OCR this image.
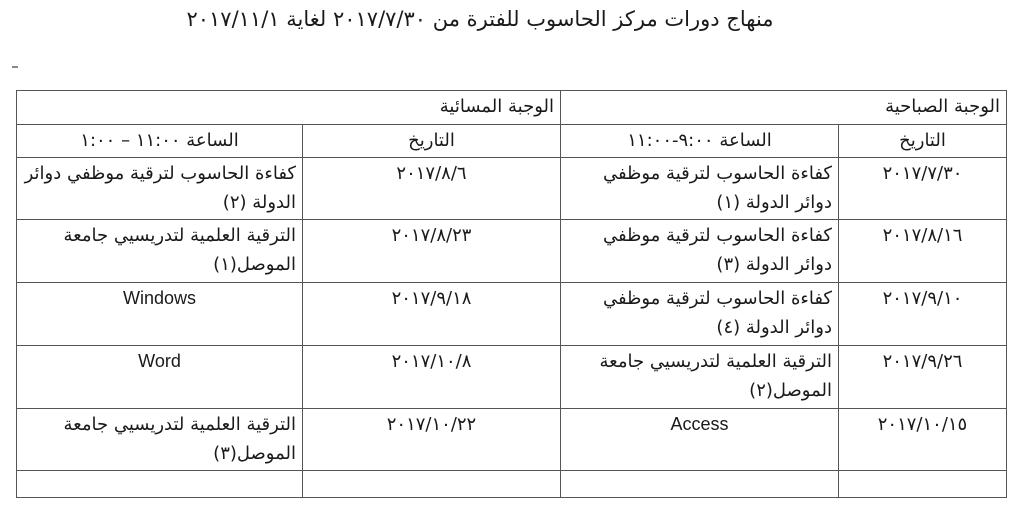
منهاج دورات مركز الحاسوب للفترة من ٢٠١٧/٧/٣٠ لغاية ٢٠١٧/١١/١
الوجبة الصباحية		الوجبة المسائية	
التاريخ	الساعة ٩:٠٠-١١:٠٠	التاريخ	الساعة ١١:٠٠ – ١:٠٠
٢٠١٧/٧/٣٠	كفاءة الحاسوب لترقية موظفي دوائر الدولة (١)	٢٠١٧/٨/٦	كفاءة الحاسوب لترقية موظفي دوائر الدولة (٢)
٢٠١٧/٨/١٦	كفاءة الحاسوب لترقية موظفي دوائر الدولة (٣)	٢٠١٧/٨/٢٣	الترقية العلمية لتدريسيي جامعة الموصل(١)
٢٠١٧/٩/١٠	كفاءة الحاسوب لترقية موظفي دوائر الدولة (٤)	٢٠١٧/٩/١٨	Windows
٢٠١٧/٩/٢٦	الترقية العلمية لتدريسيي جامعة الموصل(٢)	٢٠١٧/١٠/٨	Word
٢٠١٧/١٠/١٥	Access	٢٠١٧/١٠/٢٢	الترقية العلمية لتدريسيي جامعة الموصل(٣)
